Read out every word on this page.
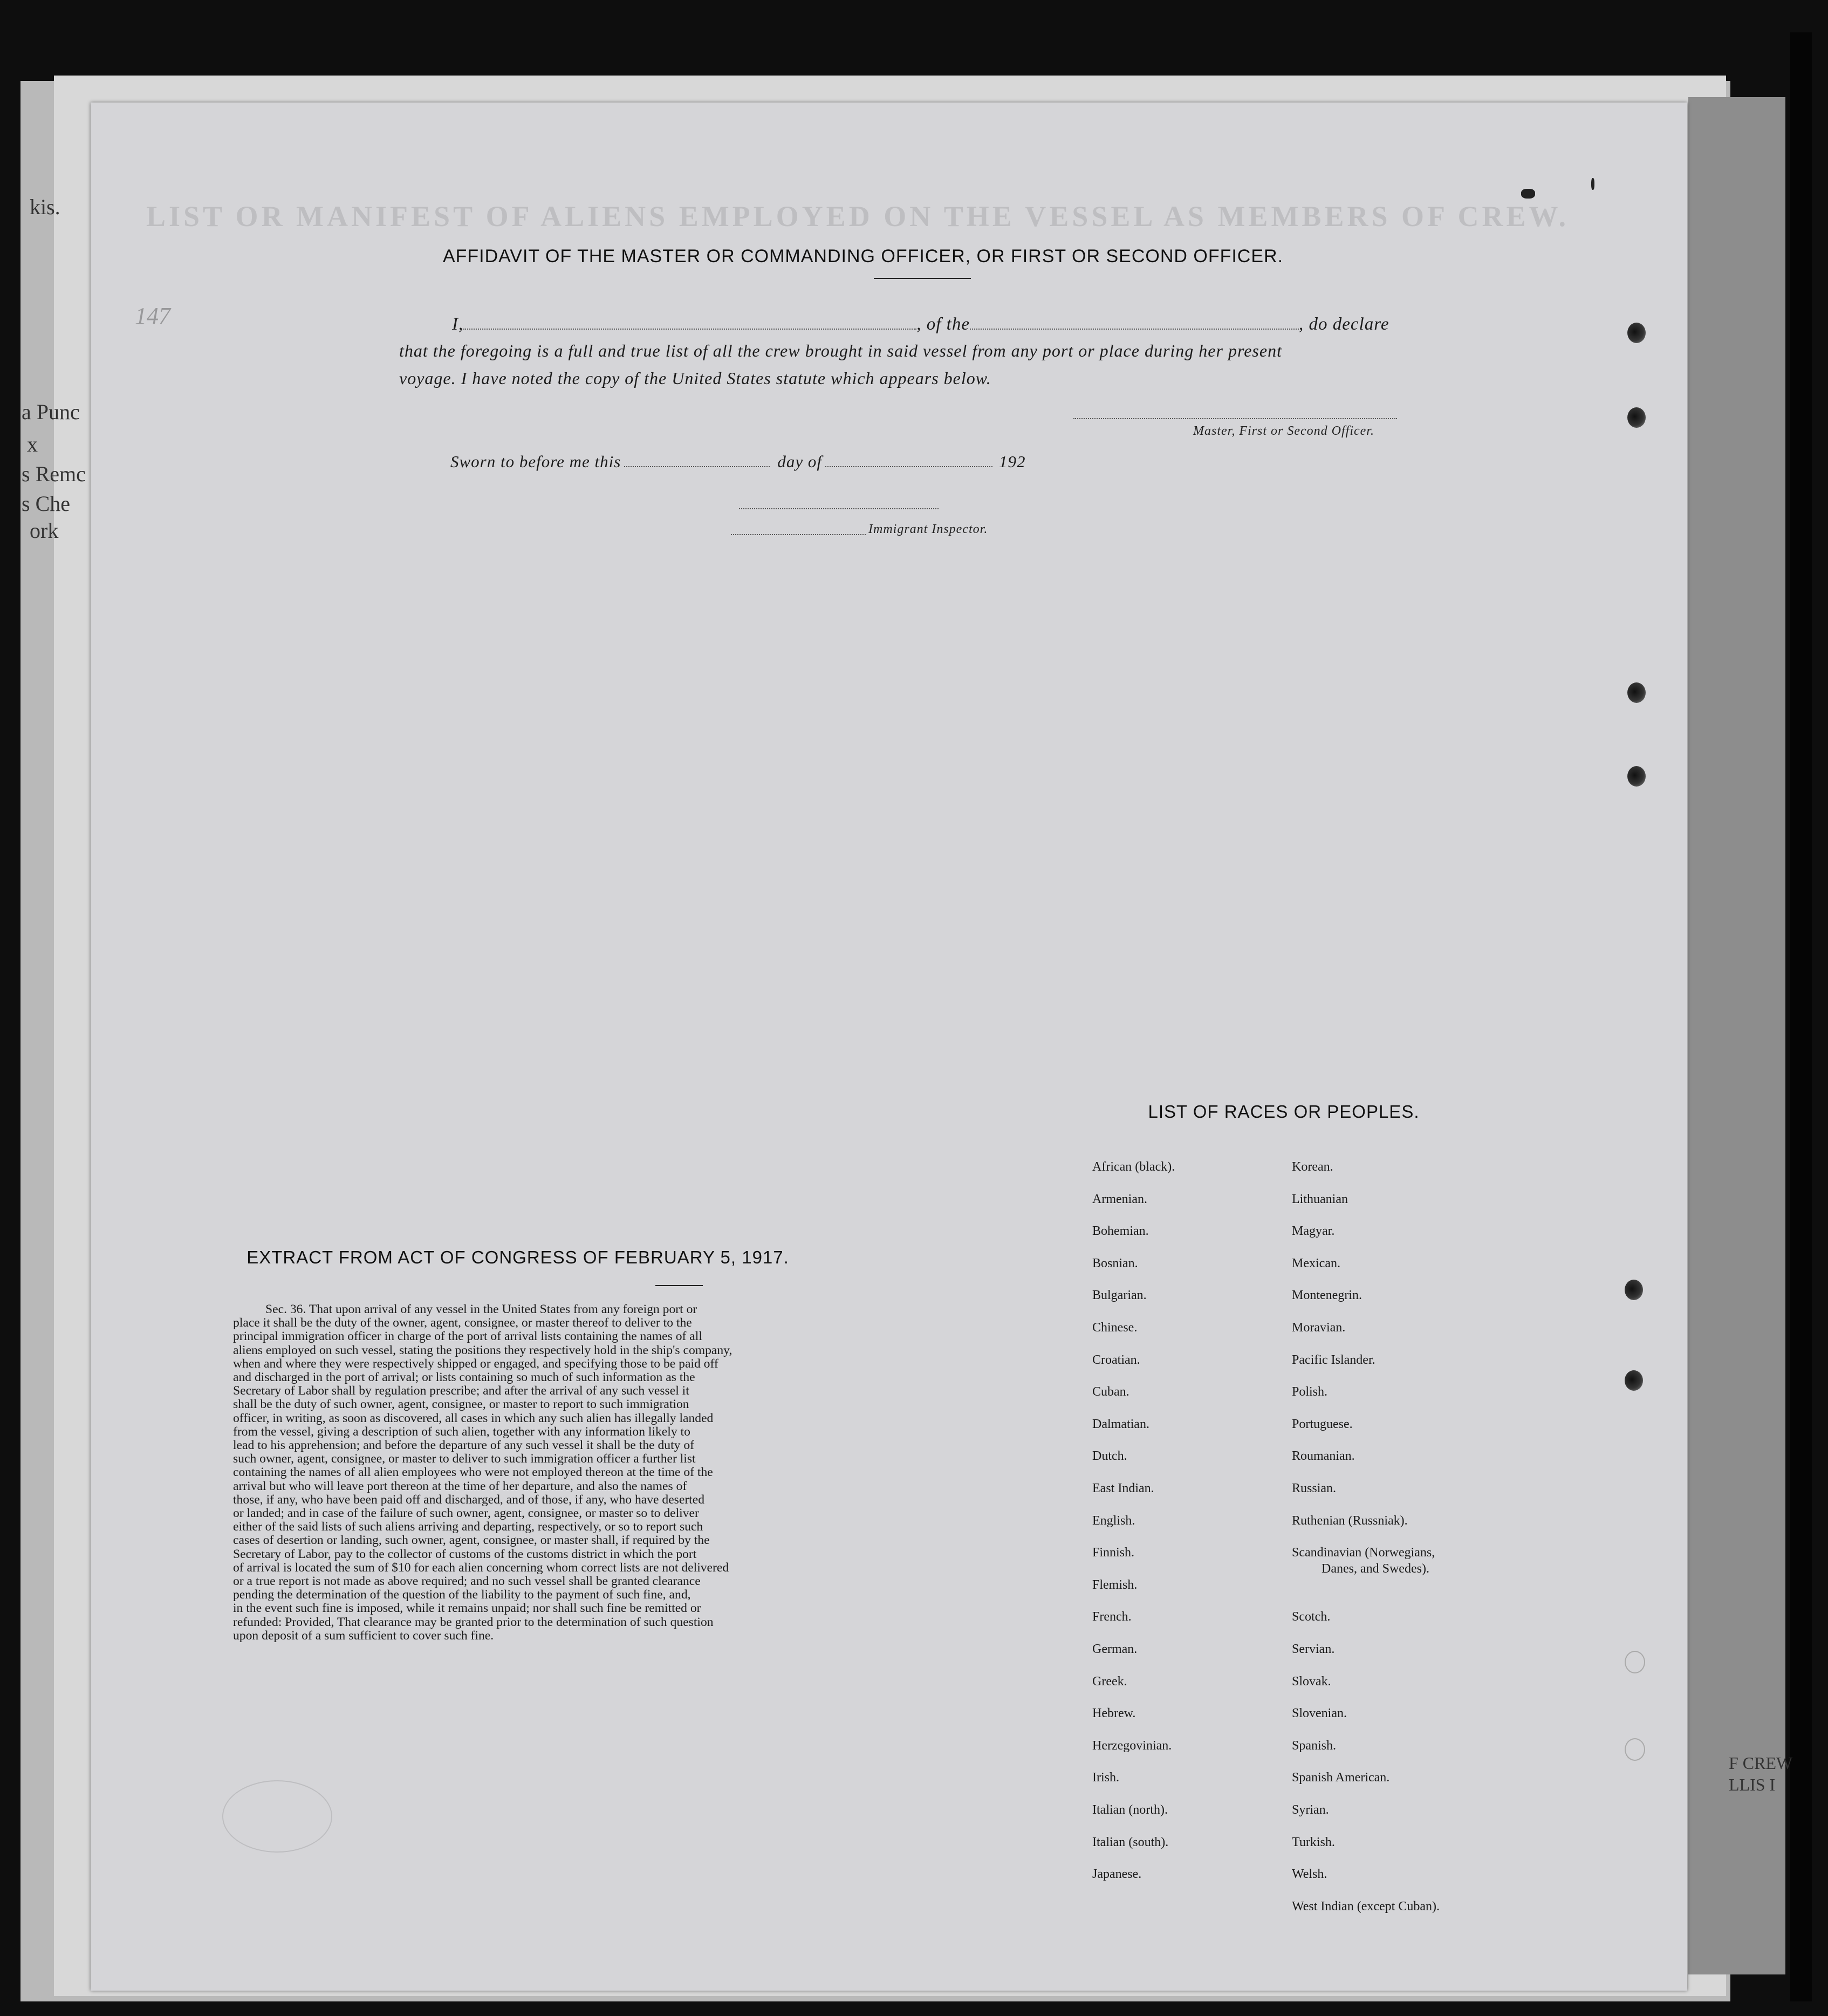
kis.
a Punc
x
s Remc
s Che
ork
F CREW
LLIS I
147
LIST OR MANIFEST OF ALIENS EMPLOYED ON THE VESSEL AS MEMBERS OF CREW.
AFFIDAVIT OF THE MASTER OR COMMANDING OFFICER, OR FIRST OR SECOND OFFICER.
I,	, of the	, do declare
that the foregoing is a full and true list of all the crew brought in said vessel from any port or place during her present
voyage. I have noted the copy of the United States statute which appears below.
Master, First or Second Officer.
Sworn to before me this	day of	192
Immigrant Inspector.
EXTRACT FROM ACT OF CONGRESS OF FEBRUARY 5, 1917.
Sec. 36. That upon arrival of any vessel in the United States from any foreign port or
place it shall be the duty of the owner, agent, consignee, or master thereof to deliver to the
principal immigration officer in charge of the port of arrival lists containing the names of all
aliens employed on such vessel, stating the positions they respectively hold in the ship's company,
when and where they were respectively shipped or engaged, and specifying those to be paid off
and discharged in the port of arrival; or lists containing so much of such information as the
Secretary of Labor shall by regulation prescribe; and after the arrival of any such vessel it
shall be the duty of such owner, agent, consignee, or master to report to such immigration
officer, in writing, as soon as discovered, all cases in which any such alien has illegally landed
from the vessel, giving a description of such alien, together with any information likely to
lead to his apprehension; and before the departure of any such vessel it shall be the duty of
such owner, agent, consignee, or master to deliver to such immigration officer a further list
containing the names of all alien employees who were not employed thereon at the time of the
arrival but who will leave port thereon at the time of her departure, and also the names of
those, if any, who have been paid off and discharged, and of those, if any, who have deserted
or landed; and in case of the failure of such owner, agent, consignee, or master so to deliver
either of the said lists of such aliens arriving and departing, respectively, or so to report such
cases of desertion or landing, such owner, agent, consignee, or master shall, if required by the
Secretary of Labor, pay to the collector of customs of the customs district in which the port
of arrival is located the sum of $10 for each alien concerning whom correct lists are not delivered
or a true report is not made as above required; and no such vessel shall be granted clearance
pending the determination of the question of the liability to the payment of such fine, and,
in the event such fine is imposed, while it remains unpaid; nor shall such fine be remitted or
refunded: Provided, That clearance may be granted prior to the determination of such question
upon deposit of a sum sufficient to cover such fine.
LIST OF RACES OR PEOPLES.
African (black).
Armenian.
Bohemian.
Bosnian.
Bulgarian.
Chinese.
Croatian.
Cuban.
Dalmatian.
Dutch.
East Indian.
English.
Finnish.
Flemish.
French.
German.
Greek.
Hebrew.
Herzegovinian.
Irish.
Italian (north).
Italian (south).
Japanese.
Korean.
Lithuanian
Magyar.
Mexican.
Montenegrin.
Moravian.
Pacific Islander.
Polish.
Portuguese.
Roumanian.
Russian.
Ruthenian (Russniak).
Scandinavian (Norwegians,
Danes, and Swedes).
Scotch.
Servian.
Slovak.
Slovenian.
Spanish.
Spanish American.
Syrian.
Turkish.
Welsh.
West Indian (except Cuban).
